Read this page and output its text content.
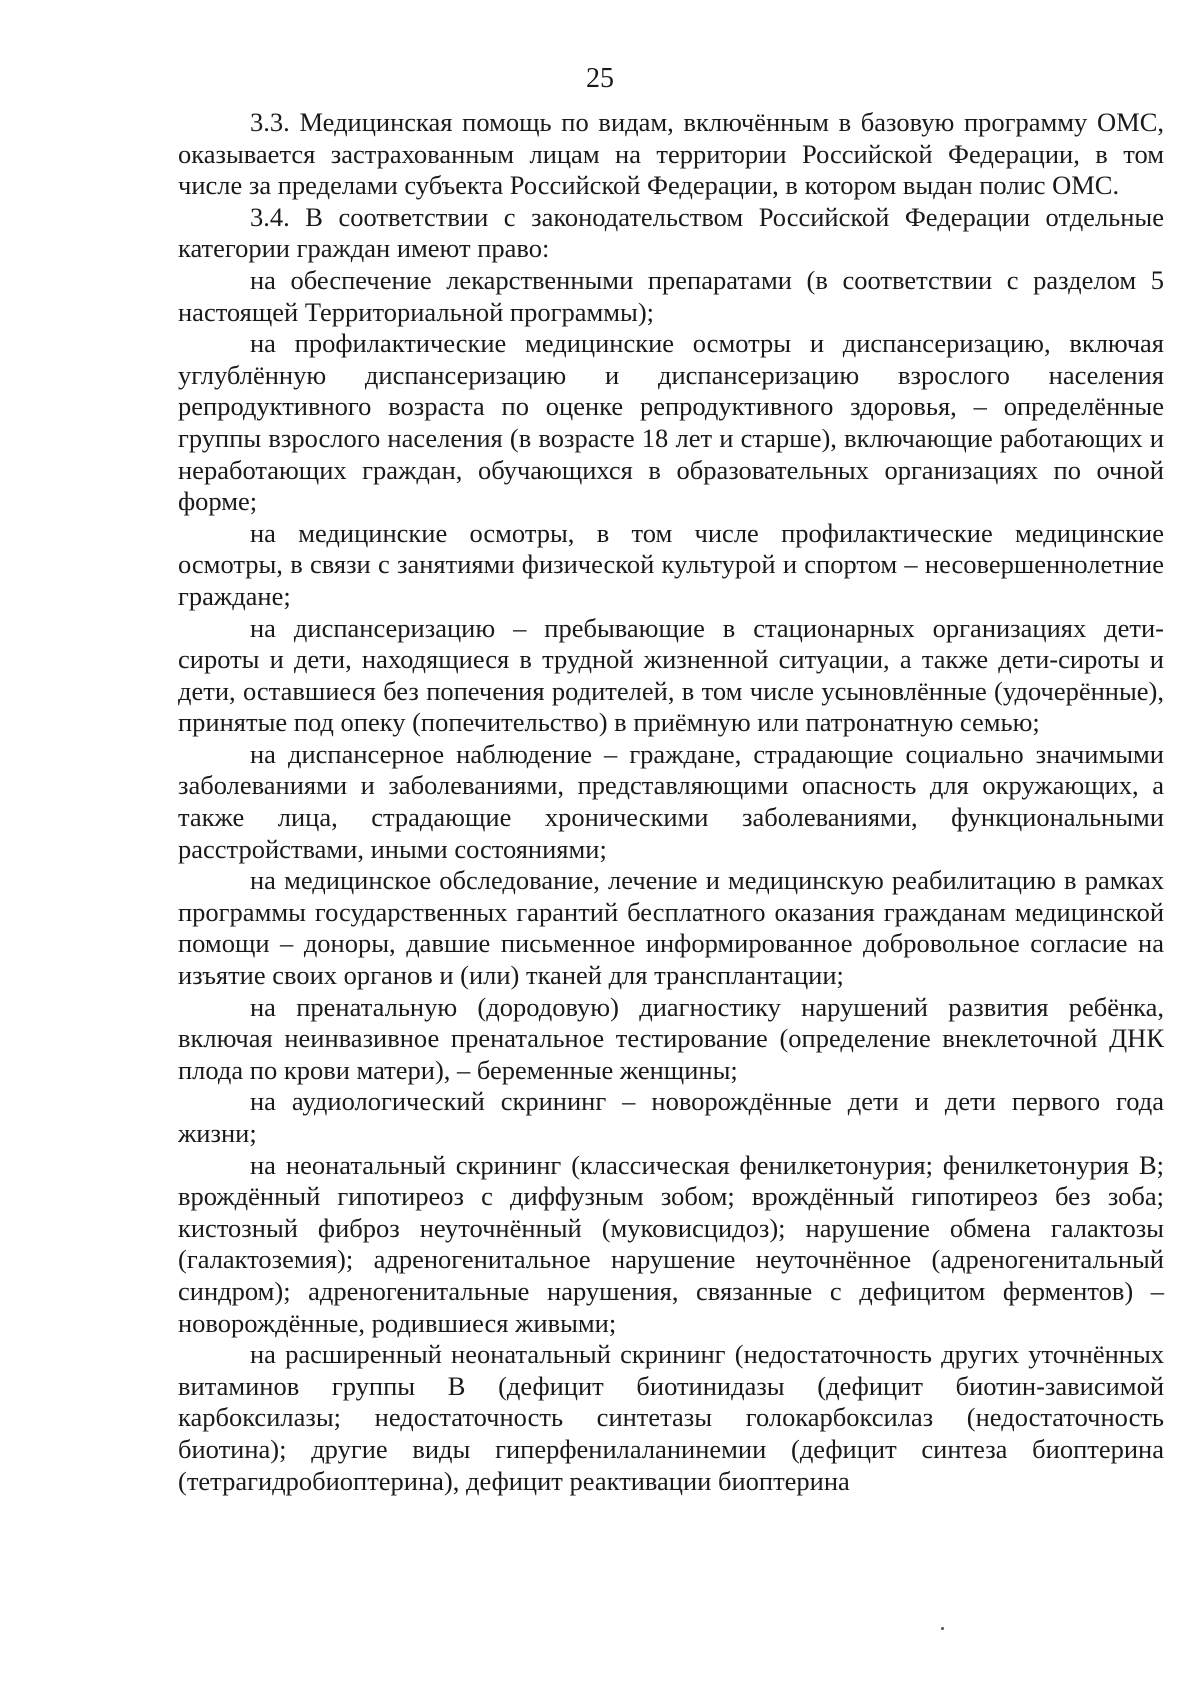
25

3.3. Медицинская помощь по видам, включённым в базовую программу ОМС, оказывается застрахованным лицам на территории Российской Федерации, в том числе за пределами субъекта Российской Федерации, в котором выдан полис ОМС.

3.4. В соответствии с законодательством Российской Федерации отдельные категории граждан имеют право:

на обеспечение лекарственными препаратами (в соответствии с разделом 5 настоящей Территориальной программы);

на профилактические медицинские осмотры и диспансеризацию, включая углублённую диспансеризацию и диспансеризацию взрослого населения репродуктивного возраста по оценке репродуктивного здоровья, – определённые группы взрослого населения (в возрасте 18 лет и старше), включающие работающих и неработающих граждан, обучающихся в образовательных организациях по очной форме;

на медицинские осмотры, в том числе профилактические медицинские осмотры, в связи с занятиями физической культурой и спортом – несовершеннолетние граждане;

на диспансеризацию – пребывающие в стационарных организациях дети-сироты и дети, находящиеся в трудной жизненной ситуации, а также дети-сироты и дети, оставшиеся без попечения родителей, в том числе усыновлённые (удочерённые), принятые под опеку (попечительство) в приёмную или патронатную семью;

на диспансерное наблюдение – граждане, страдающие социально значимыми заболеваниями и заболеваниями, представляющими опасность для окружающих, а также лица, страдающие хроническими заболеваниями, функциональными расстройствами, иными состояниями;

на медицинское обследование, лечение и медицинскую реабилитацию в рамках программы государственных гарантий бесплатного оказания гражданам медицинской помощи – доноры, давшие письменное информированное добровольное согласие на изъятие своих органов и (или) тканей для трансплантации;

на пренатальную (дородовую) диагностику нарушений развития ребёнка, включая неинвазивное пренатальное тестирование (определение внеклеточной ДНК плода по крови матери), – беременные женщины;

на аудиологический скрининг – новорождённые дети и дети первого года жизни;

на неонатальный скрининг (классическая фенилкетонурия; фенилкетонурия В; врождённый гипотиреоз с диффузным зобом; врождённый гипотиреоз без зоба; кистозный фиброз неуточнённый (муковисцидоз); нарушение обмена галактозы (галактоземия); адреногенитальное нарушение неуточнённое (адреногенитальный синдром); адреногенитальные нарушения, связанные с дефицитом ферментов) – новорождённые, родившиеся живыми;

на расширенный неонатальный скрининг (недостаточность других уточнённых витаминов группы В (дефицит биотинидазы (дефицит биотин-зависимой карбоксилазы; недостаточность синтетазы голокарбоксилаз (недостаточность биотина); другие виды гиперфенилаланинемии (дефицит синтеза биоптерина (тетрагидробиоптерина), дефицит реактивации биоптерина
